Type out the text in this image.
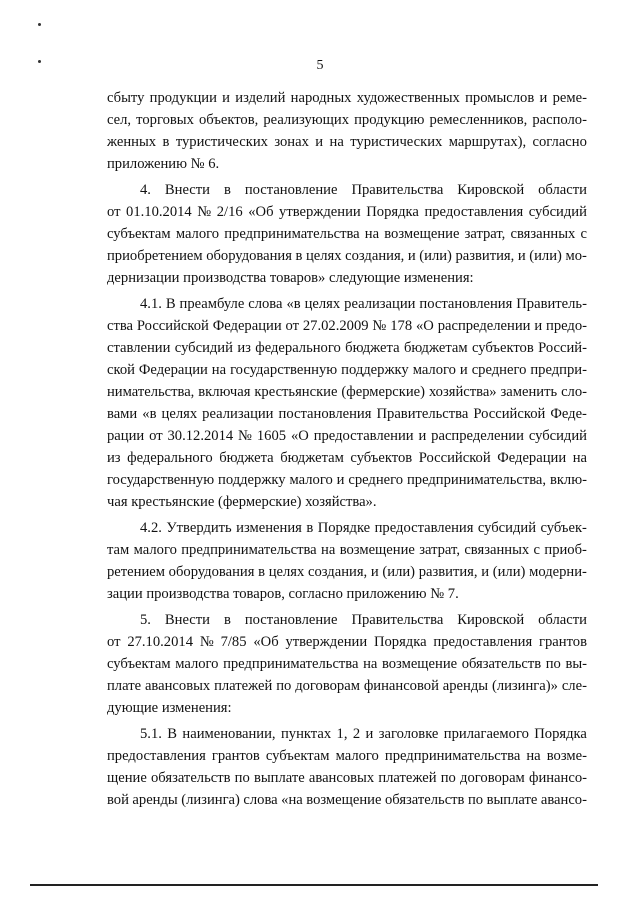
5
сбыту продукции и изделий народных художественных промыслов и реме-
сел, торговых объектов, реализующих продукцию ремесленников, располо-
женных в туристических зонах и на туристических маршрутах), согласно
приложению № 6.
4. Внести в постановление Правительства Кировской области
от 01.10.2014 № 2/16 «Об утверждении Порядка предоставления субсидий
субъектам малого предпринимательства на возмещение затрат, связанных с
приобретением оборудования в целях создания, и (или) развития, и (или) мо-
дернизации производства товаров» следующие изменения:
4.1. В преамбуле слова «в целях реализации постановления Правитель-
ства Российской Федерации от 27.02.2009 № 178 «О распределении и предо-
ставлении субсидий из федерального бюджета бюджетам субъектов Россий-
ской Федерации на государственную поддержку малого и среднего предпри-
нимательства, включая крестьянские (фермерские) хозяйства» заменить сло-
вами «в целях реализации постановления Правительства Российской Феде-
рации от 30.12.2014 № 1605 «О предоставлении и распределении субсидий
из федерального бюджета бюджетам субъектов Российской Федерации на
государственную поддержку малого и среднего предпринимательства, вклю-
чая крестьянские (фермерские) хозяйства».
4.2. Утвердить изменения в Порядке предоставления субсидий субъек-
там малого предпринимательства на возмещение затрат, связанных с приоб-
ретением оборудования в целях создания, и (или) развития, и (или) модерни-
зации производства товаров, согласно приложению № 7.
5. Внести в постановление Правительства Кировской области
от 27.10.2014 № 7/85 «Об утверждении Порядка предоставления грантов
субъектам малого предпринимательства на возмещение обязательств по вы-
плате авансовых платежей по договорам финансовой аренды (лизинга)» сле-
дующие изменения:
5.1. В наименовании, пунктах 1, 2 и заголовке прилагаемого Порядка
предоставления грантов субъектам малого предпринимательства на возме-
щение обязательств по выплате авансовых платежей по договорам финансо-
вой аренды (лизинга) слова «на возмещение обязательств по выплате авансо-
